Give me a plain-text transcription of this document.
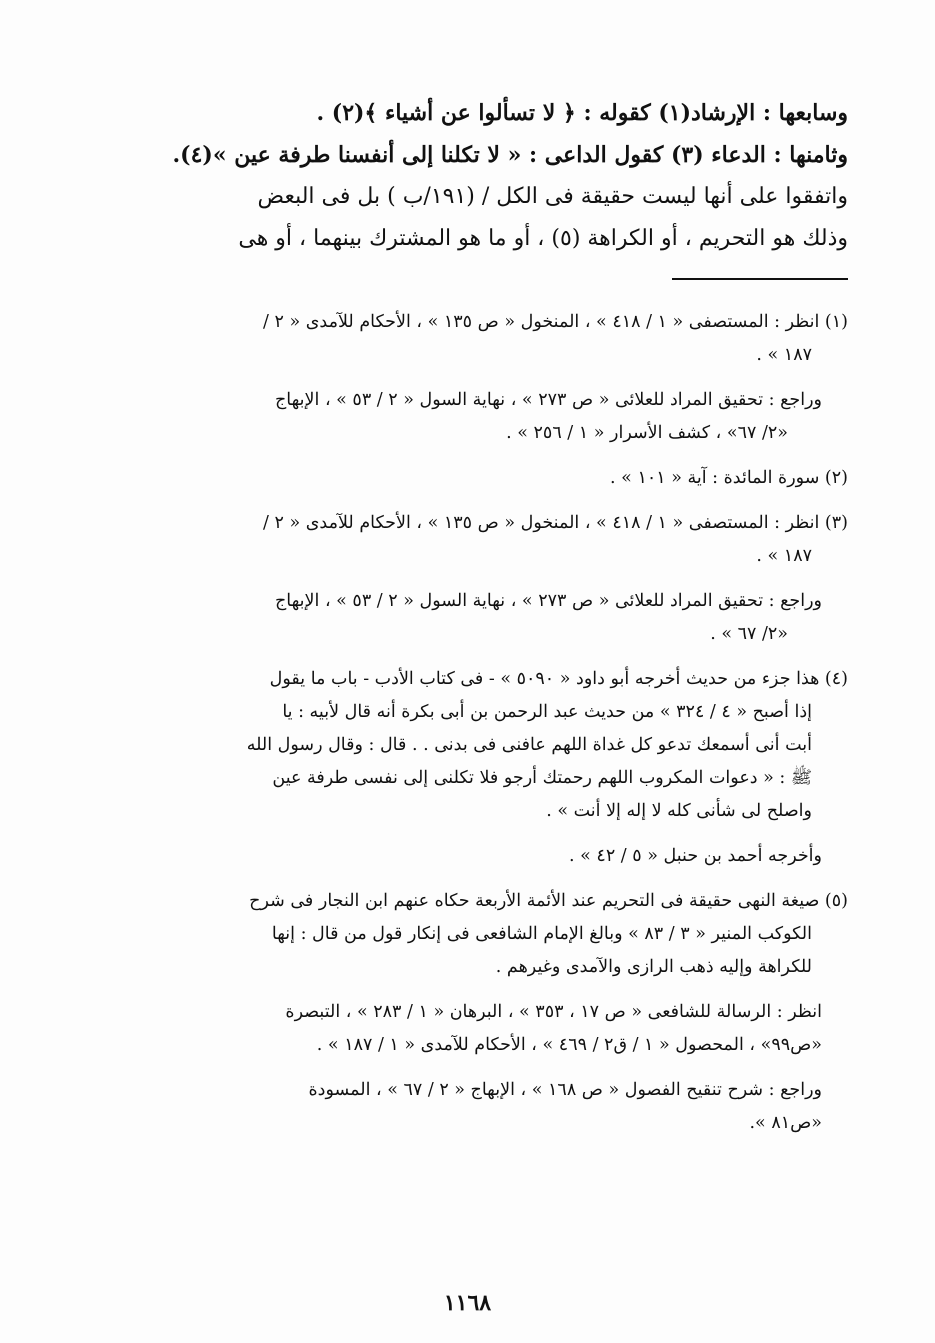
وسابعها : الإرشاد(١) كقوله : ﴿ لا تسألوا عن أشياء ﴾(٢) .

وثامنها : الدعاء (٣) كقول الداعى : « لا تكلنا إلى أنفسنا طرفة عين »(٤).

واتفقوا على أنها ليست حقيقة فى الكل / (١٩١/ب ) بل فى البعض

وذلك هو التحريم ، أو الكراهة (٥) ، أو ما هو المشترك بينهما ، أو هى

(١) انظر : المستصفى « ١ / ٤١٨ » ، المنخول « ص ١٣٥ » ، الأحكام للآمدى « ٢ /
١٨٧ » .
وراجع : تحقيق المراد للعلائى « ص ٢٧٣ » ، نهاية السول « ٢ / ٥٣ » ، الإبهاج
«٢/ ٦٧» ، كشف الأسرار « ١ / ٢٥٦ » .
(٢) سورة المائدة : آية « ١٠١ » .
(٣) انظر : المستصفى « ١ / ٤١٨ » ، المنخول « ص ١٣٥ » ، الأحكام للآمدى « ٢ /
١٨٧ » .
وراجع : تحقيق المراد للعلائى « ص ٢٧٣ » ، نهاية السول « ٢ / ٥٣ » ، الإبهاج
«٢/ ٦٧ » .
(٤) هذا جزء من حديث أخرجه أبو داود « ٥٠٩٠ » - فى كتاب الأدب - باب ما يقول
إذا أصبح « ٤ / ٣٢٤ » من حديث عبد الرحمن بن أبى بكرة أنه قال لأبيه : يا
أبت أنى أسمعك تدعو كل غداة اللهم عافنى فى بدنى . . قال : وقال رسول الله
ﷺ : « دعوات المكروب اللهم رحمتك أرجو فلا تكلنى إلى نفسى طرفة عين
واصلح لى شأنى كله لا إله إلا أنت » .
وأخرجه أحمد بن حنبل « ٥ / ٤٢ » .
(٥) صيغة النهى حقيقة فى التحريم عند الأئمة الأربعة حكاه عنهم ابن النجار فى شرح
الكوكب المنير « ٣ / ٨٣ » وبالغ الإمام الشافعى فى إنكار قول من قال : إنها
للكراهة وإليه ذهب الرازى والآمدى وغيرهم .
انظر : الرسالة للشافعى « ص ١٧ ، ٣٥٣ » ، البرهان « ١ / ٢٨٣ » ، التبصرة
«ص٩٩» ، المحصول « ١ / ق٢ / ٤٦٩ » ، الأحكام للآمدى « ١ / ١٨٧ » .
وراجع : شرح تنقيح الفصول « ص ١٦٨ » ، الإبهاج « ٢ / ٦٧ » ، المسودة
«ص٨١ ».
١١٦٨
